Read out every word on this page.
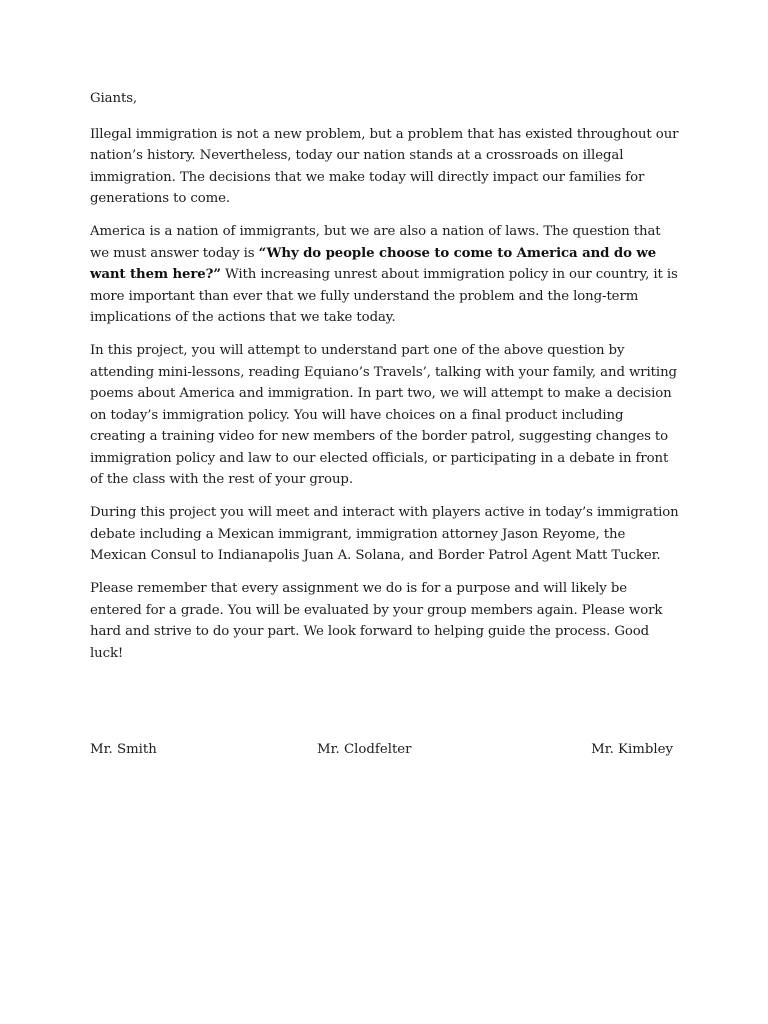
Giants,

Illegal immigration is not a new problem, but a problem that has existed throughout our nation’s history. Nevertheless, today our nation stands at a crossroads on illegal immigration. The decisions that we make today will directly impact our families for generations to come.

America is a nation of immigrants, but we are also a nation of laws. The question that we must answer today is “Why do people choose to come to America and do we want them here?” With increasing unrest about immigration policy in our country, it is more important than ever that we fully understand the problem and the long-term implications of the actions that we take today.

In this project, you will attempt to understand part one of the above question by attending mini-lessons, reading Equiano’s Travels’, talking with your family, and writing poems about America and immigration. In part two, we will attempt to make a decision on today’s immigration policy. You will have choices on a final product including creating a training video for new members of the border patrol, suggesting changes to immigration policy and law to our elected officials, or participating in a debate in front of the class with the rest of your group.

During this project you will meet and interact with players active in today’s immigration debate including a Mexican immigrant, immigration attorney Jason Reyome, the Mexican Consul to Indianapolis Juan A. Solana, and Border Patrol Agent Matt Tucker.

Please remember that every assignment we do is for a purpose and will likely be entered for a grade. You will be evaluated by your group members again. Please work hard and strive to do your part. We look forward to helping guide the process. Good luck!

Mr. Smith	Mr. Clodfelter	Mr. Kimbley
